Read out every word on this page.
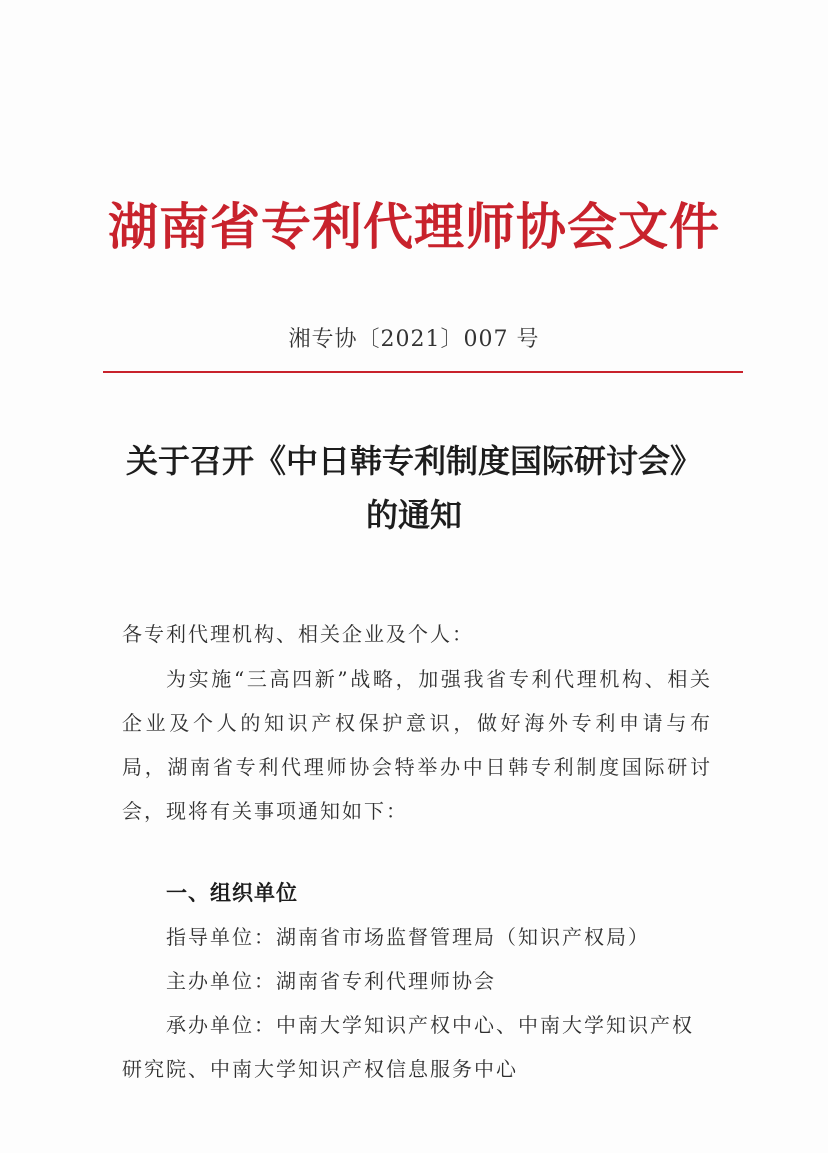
湖南省专利代理师协会文件
湘专协〔2021〕007 号
关于召开《中日韩专利制度国际研讨会》
的通知
各专利代理机构、相关企业及个人：
为实施“三高四新”战略，加强我省专利代理机构、相关企业及个人的知识产权保护意识，做好海外专利申请与布局，湖南省专利代理师协会特举办中日韩专利制度国际研讨会，现将有关事项通知如下：
一、组织单位
指导单位：湖南省市场监督管理局（知识产权局）
主办单位：湖南省专利代理师协会
承办单位：中南大学知识产权中心、中南大学知识产权研究院、中南大学知识产权信息服务中心
